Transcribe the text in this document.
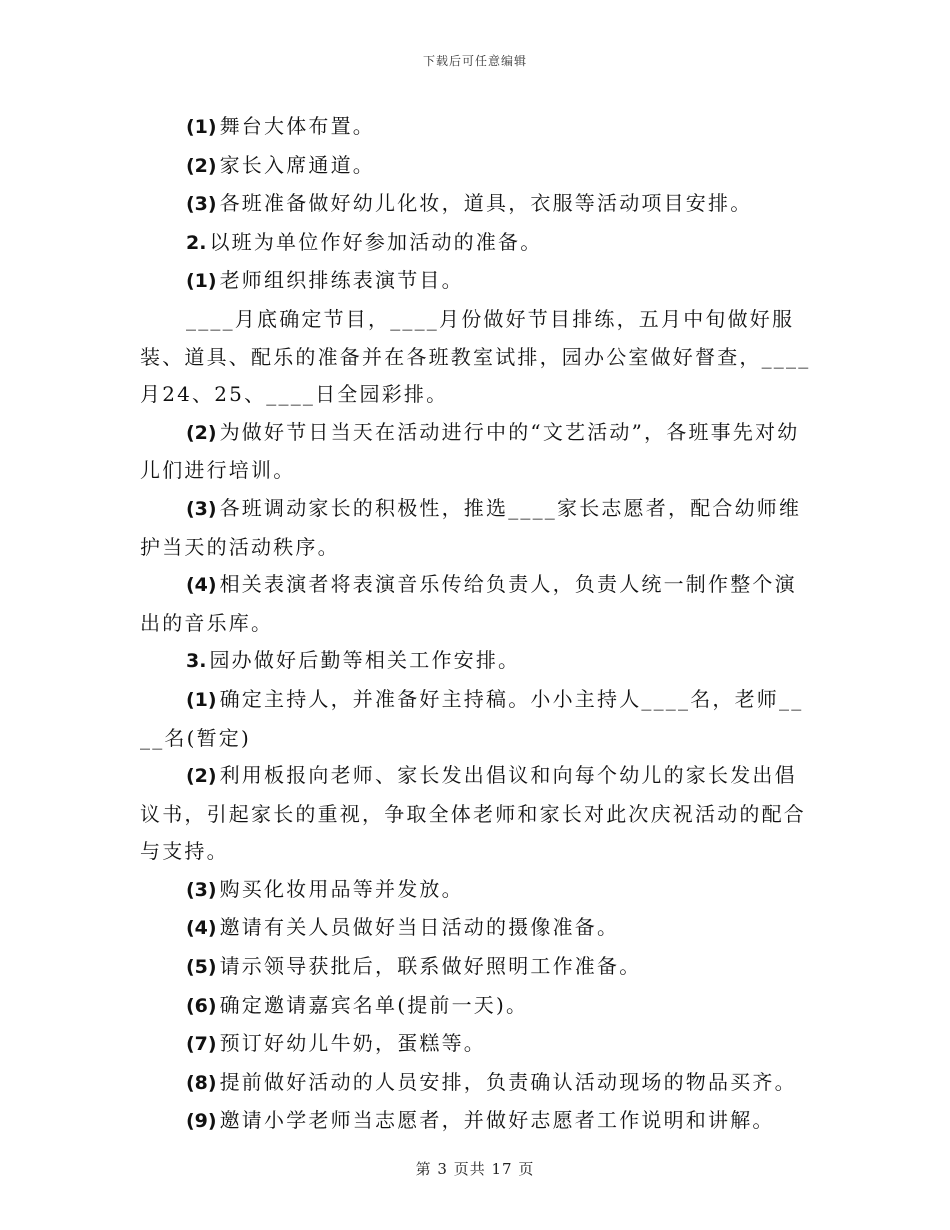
下载后可任意编辑

(1) 舞台大体布置。

(2) 家长入席通道。

(3) 各班准备做好幼儿化妆，道具，衣服等活动项目安排。

2. 以班为单位作好参加活动的准备。

(1) 老师组织排练表演节目。

____月底确定节目，____月份做好节目排练，五月中旬做好服装、道具、配乐的准备并在各班教室试排，园办公室做好督查，____月24、25、____日全园彩排。

(2) 为做好节日当天在活动进行中的“文艺活动”，各班事先对幼儿们进行培训。

(3) 各班调动家长的积极性，推选____家长志愿者，配合幼师维护当天的活动秩序。

(4) 相关表演者将表演音乐传给负责人，负责人统一制作整个演出的音乐库。

3. 园办做好后勤等相关工作安排。

(1) 确定主持人，并准备好主持稿。小小主持人____名，老师____名(暂定)

(2) 利用板报向老师、家长发出倡议和向每个幼儿的家长发出倡议书，引起家长的重视，争取全体老师和家长对此次庆祝活动的配合与支持。

(3) 购买化妆用品等并发放。

(4) 邀请有关人员做好当日活动的摄像准备。

(5) 请示领导获批后，联系做好照明工作准备。

(6) 确定邀请嘉宾名单(提前一天)。

(7) 预订好幼儿牛奶，蛋糕等。

(8) 提前做好活动的人员安排，负责确认活动现场的物品买齐。

(9) 邀请小学老师当志愿者，并做好志愿者工作说明和讲解。

第 3 页共 17 页
